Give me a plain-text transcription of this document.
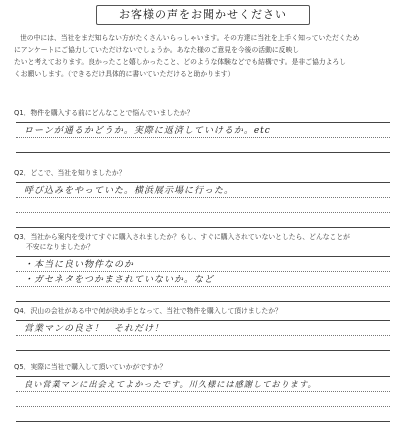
お客様の声をお聞かせください

世の中には、当社をまだ知らない方がたくさんいらっしゃいます。その方達に当社を上手く知っていただくため

にアンケートにご協力していただけないでしょうか。あなた様のご意見を今後の活動に反映し

たいと考えております。良かったこと嬉しかったこと、どのような体験などでも結構です。是非ご協力よろし

くお願いします。（できるだけ具体的に書いていただけると助かります）

Q1．物件を購入する前にどんなことで悩んでいましたか？
ローンが通るかどうか。実際に返済していけるか。etc
Q2．どこで、当社を知りましたか？
呼び込みをやっていた。横浜展示場に行った。
Q3．当社から案内を受けてすぐに購入されましたか？もし、すぐに購入されていないとしたら、どんなことが
不安になりましたか？
・本当に良い物件なのか
・ガセネタをつかまされていないか。など
Q4．沢山の会社がある中で何が決め手となって、当社で物件を購入して頂けましたか？
営業マンの良さ！　それだけ！
Q5．実際に当社で購入して頂いていかがですか？
良い営業マンに出会えてよかったです。川久様には感謝しております。
